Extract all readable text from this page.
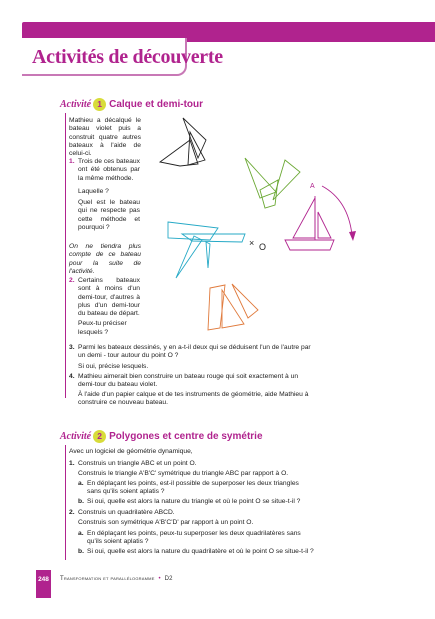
Activités de découverte
Activité 1 Calque et demi-tour
Mathieu a décalqué le bateau violet puis a construit quatre autres bateaux à l'aide de celui-ci.
1. Trois de ces bateaux ont été obtenus par la même méthode.
Laquelle ?
Quel est le bateau qui ne respecte pas cette méthode et pourquoi ?
On ne tiendra plus compte de ce bateau pour la suite de l'activité.
2. Certains bateaux sont à moins d'un demi-tour, d'autres à plus d'un demi-tour du bateau de départ.
Peux-tu préciser lesquels ?
3. Parmi les bateaux dessinés, y en a-t-il deux qui se déduisent l'un de l'autre par
un demi - tour autour du point O ?
Si oui, précise lesquels.
4. Mathieu aimerait bien construire un bateau rouge qui soit exactement à un
demi-tour du bateau violet.
À l'aide d'un papier calque et de tes instruments de géométrie, aide Mathieu à
construire ce nouveau bateau.
× O
A
Activité 2 Polygones et centre de symétrie
Avec un logiciel de géométrie dynamique,
1. Construis un triangle ABC et un point O.
Construis le triangle A'B'C' symétrique du triangle ABC par rapport à O.
a. En déplaçant les points, est-il possible de superposer les deux triangles
sans qu'ils soient aplatis ?
b. Si oui, quelle est alors la nature du triangle et où le point O se situe-t-il ?
2. Construis un quadrilatère ABCD.
Construis son symétrique A'B'C'D' par rapport à un point O.
a. En déplaçant les points, peux-tu superposer les deux quadrilatères sans
qu'ils soient aplatis ?
b. Si oui, quelle est alors la nature du quadrilatère et où le point O se situe-t-il ?
248	Transformation et parallélogramme • D2
